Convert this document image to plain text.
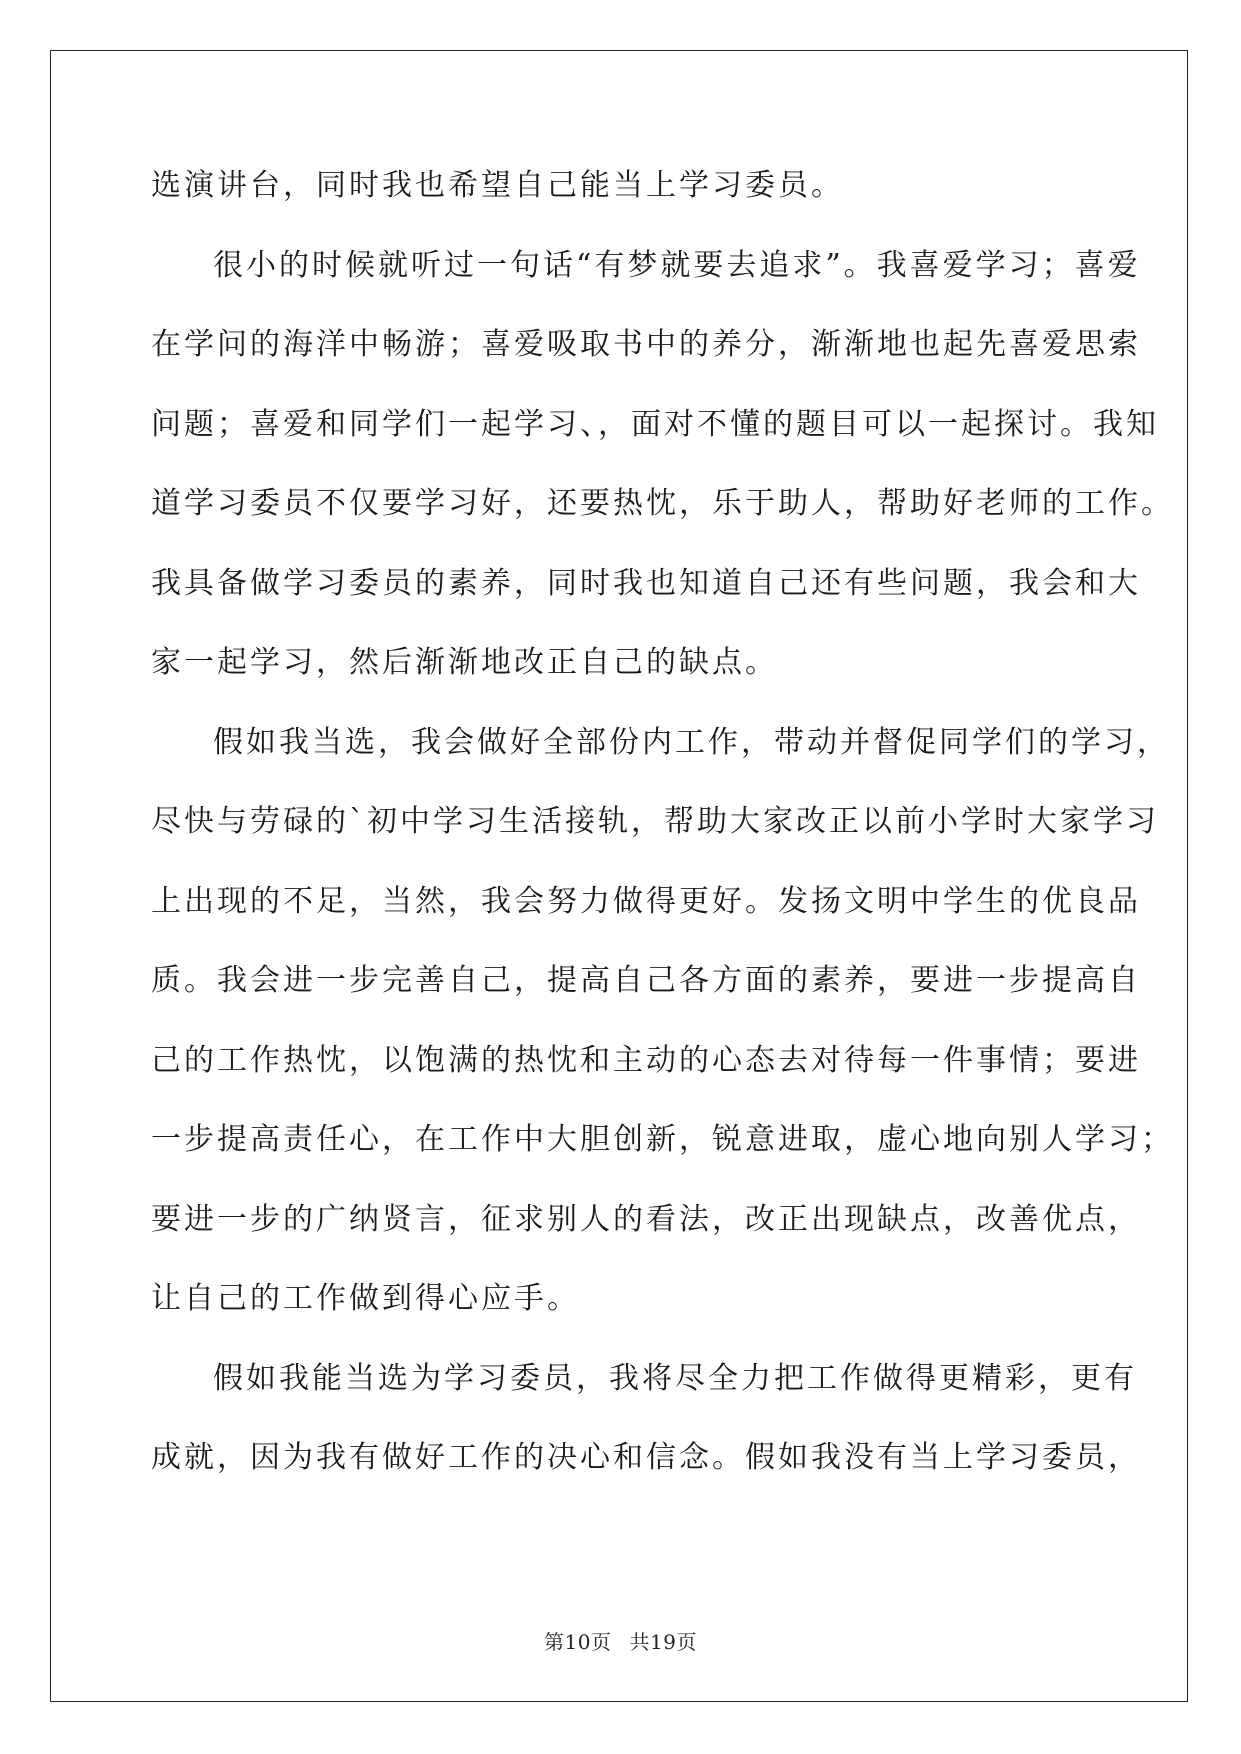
选演讲台，同时我也希望自己能当上学习委员。
很小的时候就听过一句话“有梦就要去追求”。我喜爱学习；喜爱
在学问的海洋中畅游；喜爱吸取书中的养分，渐渐地也起先喜爱思索
问题；喜爱和同学们一起学习、，面对不懂的题目可以一起探讨。我知
道学习委员不仅要学习好，还要热忱，乐于助人，帮助好老师的工作。
我具备做学习委员的素养，同时我也知道自己还有些问题，我会和大
家一起学习，然后渐渐地改正自己的缺点。
假如我当选，我会做好全部份内工作，带动并督促同学们的学习，
尽快与劳碌的`初中学习生活接轨，帮助大家改正以前小学时大家学习
上出现的不足，当然，我会努力做得更好。发扬文明中学生的优良品
质。我会进一步完善自己，提高自己各方面的素养，要进一步提高自
己的工作热忱，以饱满的热忱和主动的心态去对待每一件事情；要进
一步提高责任心，在工作中大胆创新，锐意进取，虚心地向别人学习；
要进一步的广纳贤言，征求别人的看法，改正出现缺点，改善优点，
让自己的工作做到得心应手。
假如我能当选为学习委员，我将尽全力把工作做得更精彩，更有
成就，因为我有做好工作的决心和信念。假如我没有当上学习委员，
第10页 共19页
